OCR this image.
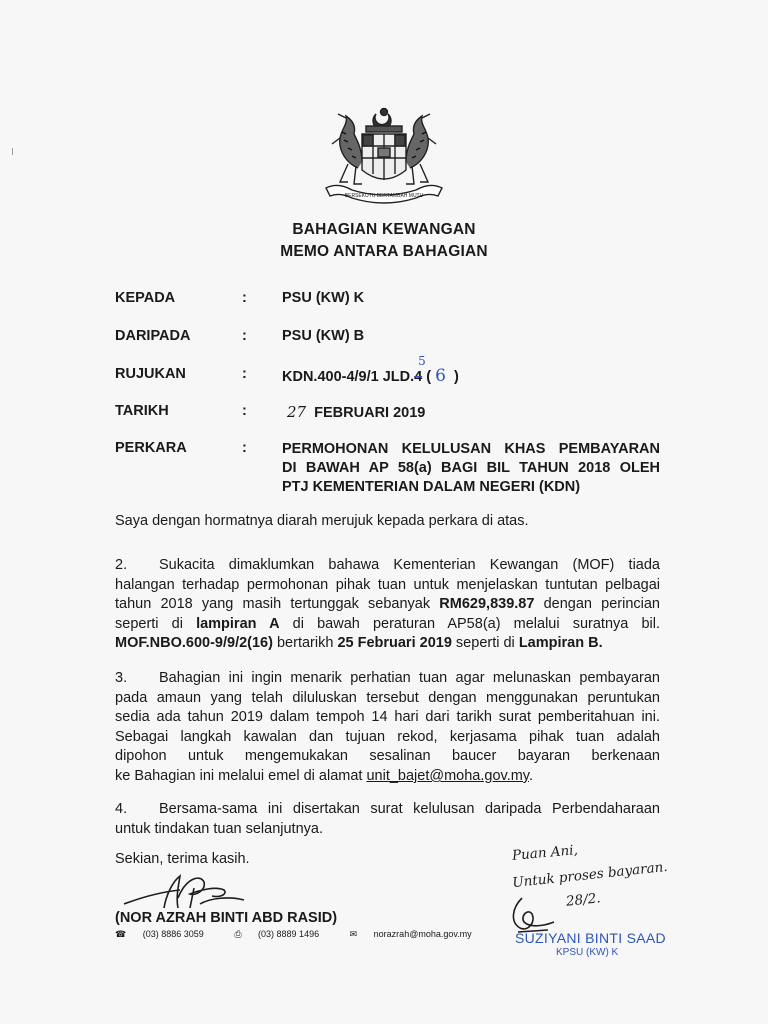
BERSEKUTU BERTAMBAH MUTU
BAHAGIAN KEWANGAN
MEMO ANTARA BAHAGIAN
KEPADA	: PSU (KW) K
DARIPADA	: PSU (KW) B
RUJUKAN	: KDN.400-4/9/1 JLD.4
5
( 6 )
TARIKH	:	27 FEBRUARI 2019
PERKARA	: PERMOHONAN KELULUSAN KHAS PEMBAYARAN
DI BAWAH AP 58(a) BAGI BIL TAHUN 2018 OLEH
PTJ KEMENTERIAN DALAM NEGERI (KDN)
Saya dengan hormatnya diarah merujuk kepada perkara di atas.
2. Sukacita dimaklumkan bahawa Kementerian Kewangan (MOF) tiada
halangan terhadap permohonan pihak tuan untuk menjelaskan tuntutan pelbagai
tahun 2018 yang masih tertunggak sebanyak RM629,839.87 dengan perincian
seperti di lampiran A di bawah peraturan AP58(a) melalui suratnya bil.
MOF.NBO.600-9/9/2(16) bertarikh 25 Februari 2019 seperti di Lampiran B.
3. Bahagian ini ingin menarik perhatian tuan agar melunaskan pembayaran
pada amaun yang telah diluluskan tersebut dengan menggunakan peruntukan
sedia ada tahun 2019 dalam tempoh 14 hari dari tarikh surat pemberitahuan ini.
Sebagai langkah kawalan dan tujuan rekod, kerjasama pihak tuan adalah
dipohon untuk mengemukakan sesalinan baucer bayaran berkenaan
ke Bahagian ini melalui emel di alamat unit_bajet@moha.gov.my.
4. Bersama-sama ini disertakan surat kelulusan daripada Perbendaharaan
untuk tindakan tuan selanjutnya.
Sekian, terima kasih.
(NOR AZRAH BINTI ABD RASID)
☎ (03) 8886 3059	⎙ (03) 8889 1496	✉ norazrah@moha.gov.my
Puan Ani,
Untuk proses bayaran.
28/2.
SUZIYANI BINTI SAAD
KPSU (KW) K
